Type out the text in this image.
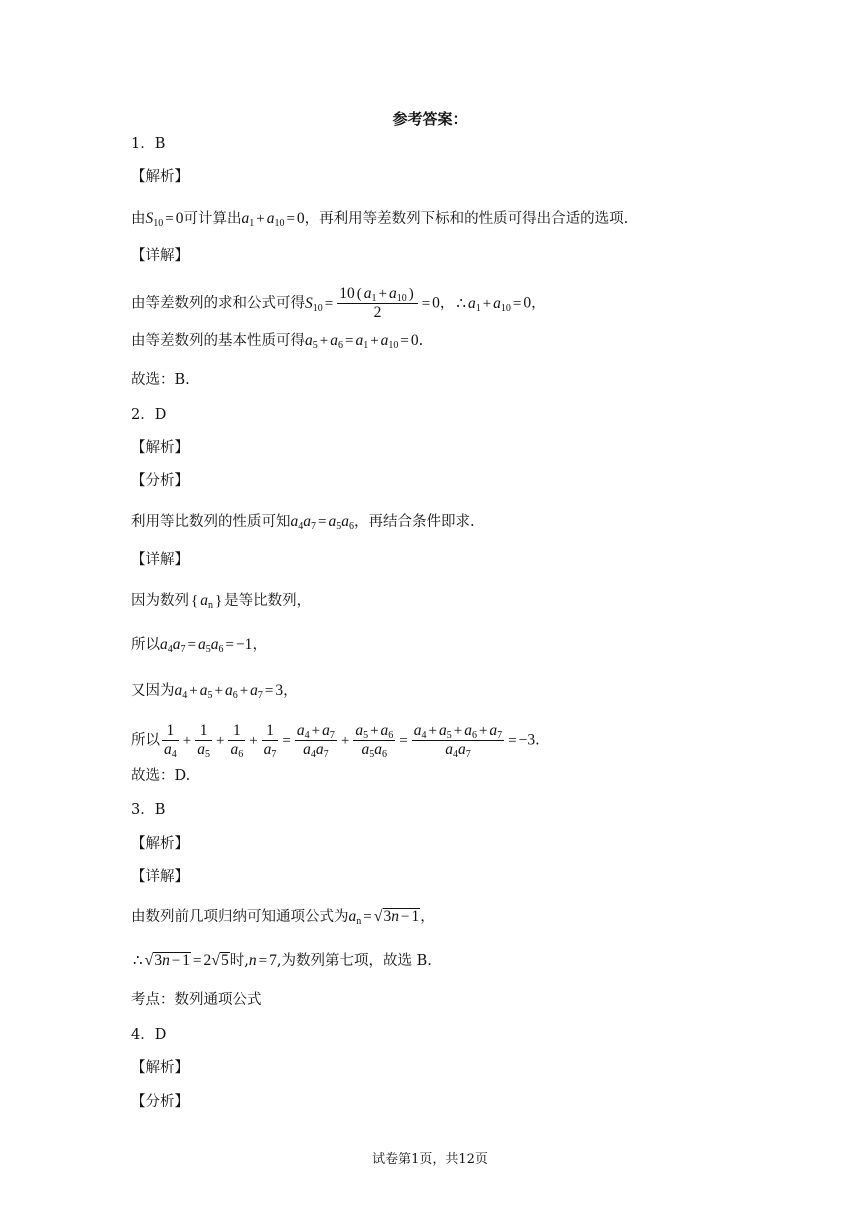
参考答案：
1．B
【解析】
由$S_{10} = 0$可计算出$a_1 + a_{10} = 0$，再利用等差数列下标和的性质可得出合适的选项.
【详解】
由等差数列的求和公式可得$S_{10} = \frac{10 ( a_1 + a_{10} )}{2} = 0$， ∴ $a_1 + a_{10} = 0$，
由等差数列的基本性质可得$a_5 + a_6 = a_1 + a_{10} = 0$.
故选：B.
2．D
【解析】
【分析】
利用等比数列的性质可知$a_4a_7 = a_5a_6$，再结合条件即求.
【详解】
因为数列 { $a_n$ } 是等比数列，
所以$a_4a_7 = a_5a_6 = -1$，
又因为$a_4 + a_5 + a_6 + a_7 = 3$，
所以 $\frac{1}{a_4} + \frac{1}{a_5} + \frac{1}{a_6} + \frac{1}{a_7} = \frac{a_4 + a_7}{a_4a_7} + \frac{a_5 + a_6}{a_5a_6} = \frac{a_4 + a_5 + a_6 + a_7}{a_4a_7} = -3$.
故选：D.
3．B
【解析】
【详解】
由数列前几项归纳可知通项公式为$a_n = √3n - 1$，
∴ √3n − 1 = 2√5时,n = 7,为数列第七项，故选 B.
考点：数列通项公式
4．D
【解析】
【分析】
试卷第1页，共12页
